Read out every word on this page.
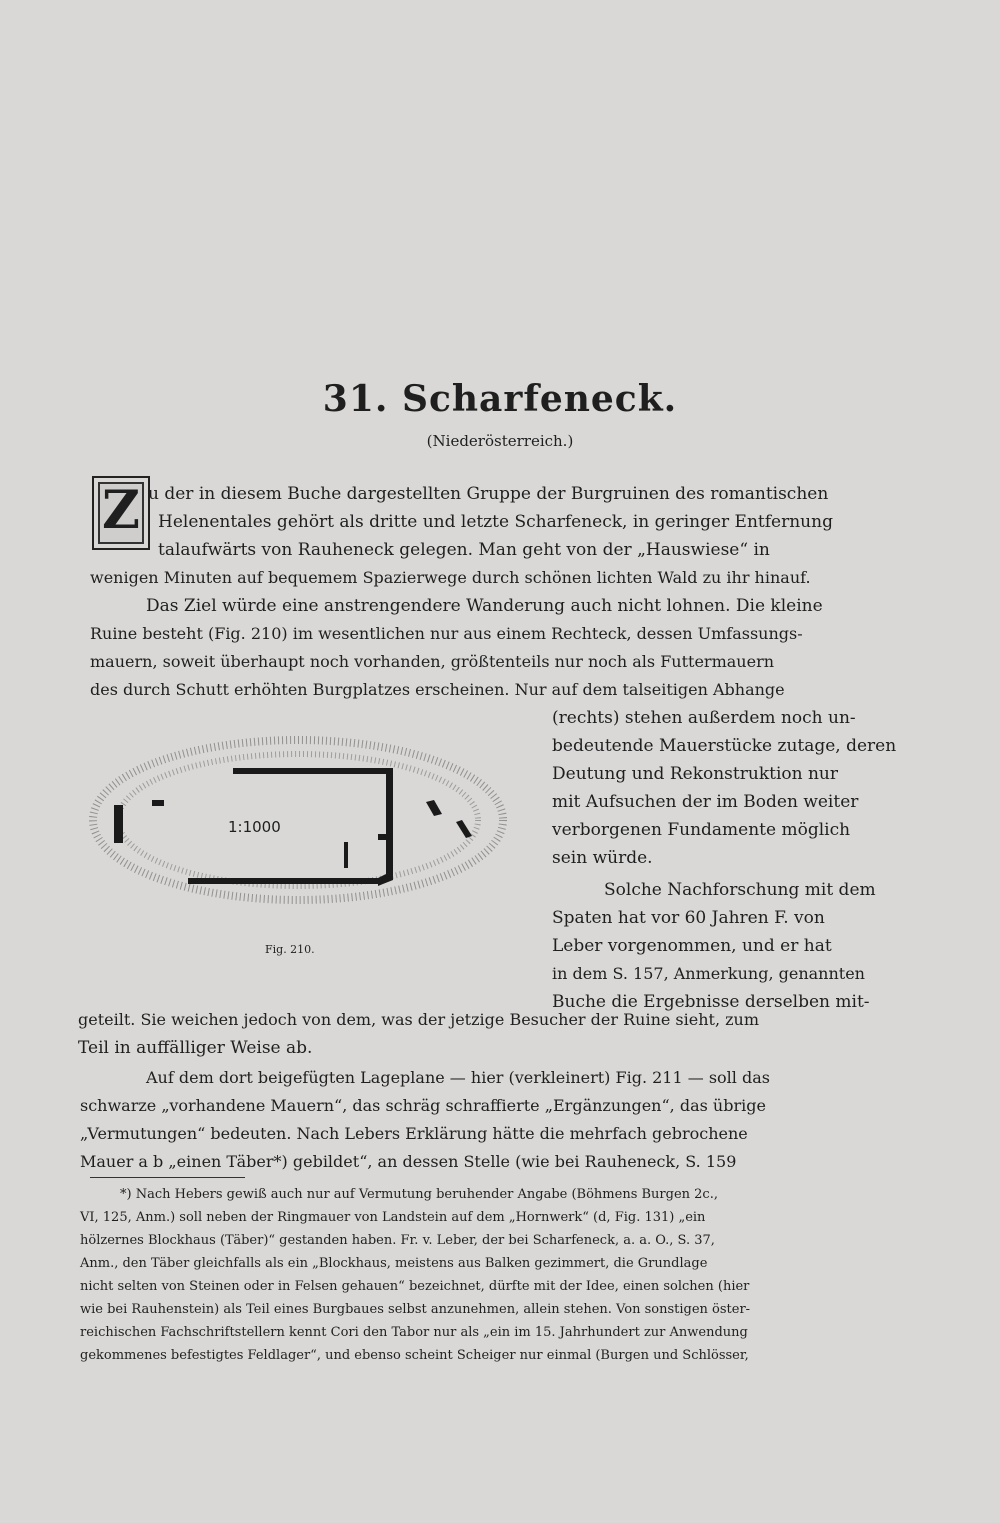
31. Scharfeneck.
(Niederösterreich.)
Z u der in diesem Buche dargestellten Gruppe der Burgruinen des romantischen
Helenentales gehört als dritte und letzte Scharfeneck, in geringer Entfernung
talaufwärts von Rauheneck gelegen. Man geht von der „Hauswiese“ in
wenigen Minuten auf bequemem Spazierwege durch schönen lichten Wald zu ihr hinauf.
Das Ziel würde eine anstrengendere Wanderung auch nicht lohnen. Die kleine
Ruine besteht (Fig. 210) im wesentlichen nur aus einem Rechteck, dessen Umfassungs-
mauern, soweit überhaupt noch vorhanden, größtenteils nur noch als Futtermauern
des durch Schutt erhöhten Burgplatzes erscheinen. Nur auf dem talseitigen Abhange
(rechts) stehen außerdem noch un-
bedeutende Mauerstücke zutage, deren
Deutung und Rekonstruktion nur
mit Aufsuchen der im Boden weiter
verborgenen Fundamente möglich
sein würde.
Solche Nachforschung mit dem
Spaten hat vor 60 Jahren F. von
Leber vorgenommen, und er hat
in dem S. 157, Anmerkung, genannten
Buche die Ergebnisse derselben mit-
geteilt. Sie weichen jedoch von dem, was der jetzige Besucher der Ruine sieht, zum
Teil in auffälliger Weise ab.
Auf dem dort beigefügten Lageplane — hier (verkleinert) Fig. 211 — soll das
schwarze „vorhandene Mauern“, das schräg schraffierte „Ergänzungen“, das übrige
„Vermutungen“ bedeuten. Nach Lebers Erklärung hätte die mehrfach gebrochene
Mauer a b „einen Täber*) gebildet“, an dessen Stelle (wie bei Rauheneck, S. 159
1:1000
Fig. 210.
*) Nach Hebers gewiß auch nur auf Vermutung beruhender Angabe (Böhmens Burgen 2c.,
VI, 125, Anm.) soll neben der Ringmauer von Landstein auf dem „Hornwerk“ (d, Fig. 131) „ein
hölzernes Blockhaus (Täber)“ gestanden haben. Fr. v. Leber, der bei Scharfeneck, a. a. O., S. 37,
Anm., den Täber gleichfalls als ein „Blockhaus, meistens aus Balken gezimmert, die Grundlage
nicht selten von Steinen oder in Felsen gehauen“ bezeichnet, dürfte mit der Idee, einen solchen (hier
wie bei Rauhenstein) als Teil eines Burgbaues selbst anzunehmen, allein stehen. Von sonstigen öster-
reichischen Fachschriftstellern kennt Cori den Tabor nur als „ein im 15. Jahrhundert zur Anwendung
gekommenes befestigtes Feldlager“, und ebenso scheint Scheiger nur einmal (Burgen und Schlösser,
